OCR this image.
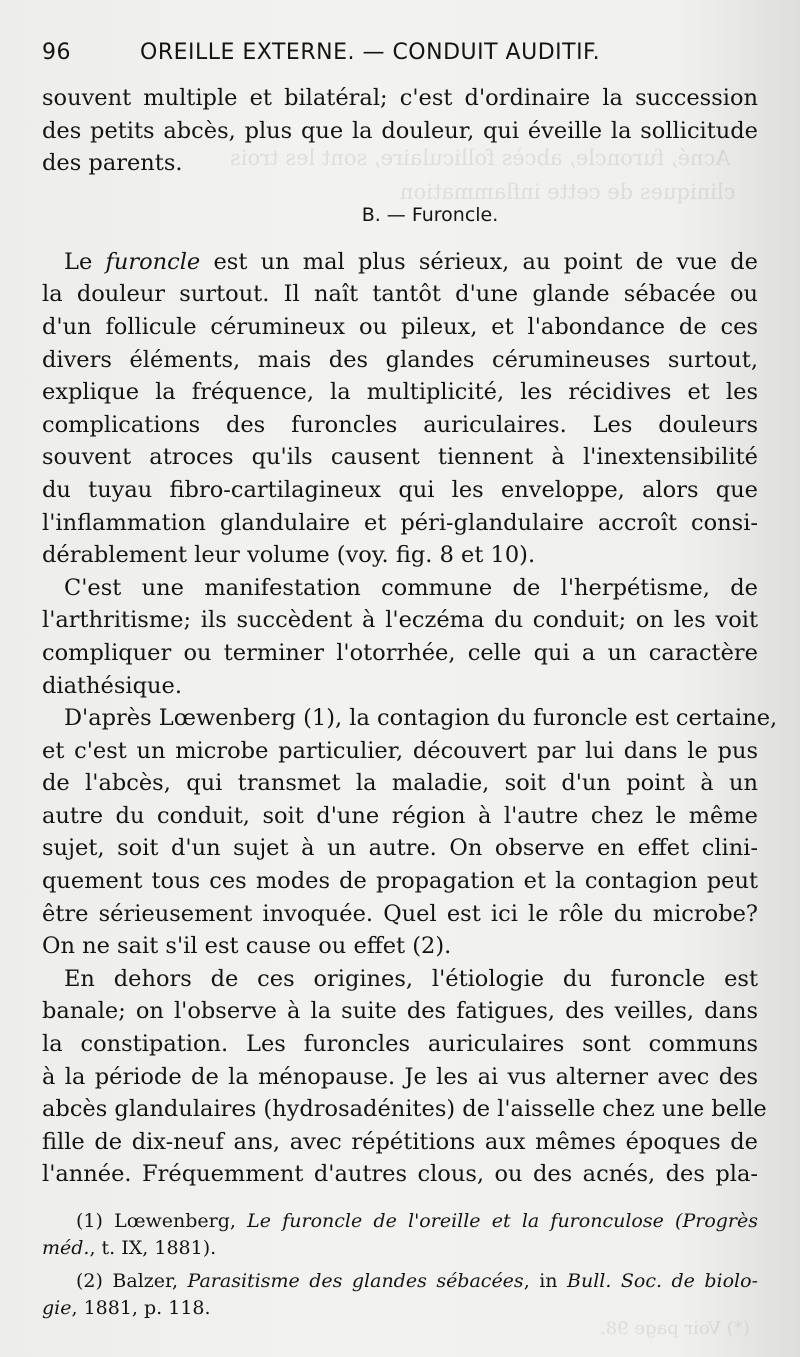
Acné, furoncle, abcès folliculaire, sont les trois
cliniques de cette inflammation
(*) Voir page 98.
96	OREILLE EXTERNE. — CONDUIT AUDITIF.
souvent multiple et bilatéral; c'est d'ordinaire la succession
des petits abcès, plus que la douleur, qui éveille la sollicitude
des parents.
B. — Furoncle.
Le furoncle est un mal plus sérieux, au point de vue de
la douleur surtout. Il naît tantôt d'une glande sébacée ou
d'un follicule cérumineux ou pileux, et l'abondance de ces
divers éléments, mais des glandes cérumineuses surtout,
explique la fréquence, la multiplicité, les récidives et les
complications des furoncles auriculaires. Les douleurs
souvent atroces qu'ils causent tiennent à l'inextensibilité
du tuyau fibro-cartilagineux qui les enveloppe, alors que
l'inflammation glandulaire et péri-glandulaire accroît consi-
dérablement leur volume (voy. fig. 8 et 10).
C'est une manifestation commune de l'herpétisme, de
l'arthritisme; ils succèdent à l'eczéma du conduit; on les voit
compliquer ou terminer l'otorrhée, celle qui a un caractère
diathésique.
D'après Lœwenberg (1), la contagion du furoncle est certaine,
et c'est un microbe particulier, découvert par lui dans le pus
de l'abcès, qui transmet la maladie, soit d'un point à un
autre du conduit, soit d'une région à l'autre chez le même
sujet, soit d'un sujet à un autre. On observe en effet clini-
quement tous ces modes de propagation et la contagion peut
être sérieusement invoquée. Quel est ici le rôle du microbe?
On ne sait s'il est cause ou effet (2).
En dehors de ces origines, l'étiologie du furoncle est
banale; on l'observe à la suite des fatigues, des veilles, dans
la constipation. Les furoncles auriculaires sont communs
à la période de la ménopause. Je les ai vus alterner avec des
abcès glandulaires (hydrosadénites) de l'aisselle chez une belle
fille de dix-neuf ans, avec répétitions aux mêmes époques de
l'année. Fréquemment d'autres clous, ou des acnés, des pla-
(1) Lœwenberg, Le furoncle de l'oreille et la furonculose (Progrès
méd., t. IX, 1881).
(2) Balzer, Parasitisme des glandes sébacées, in Bull. Soc. de biolo-
gie, 1881, p. 118.
